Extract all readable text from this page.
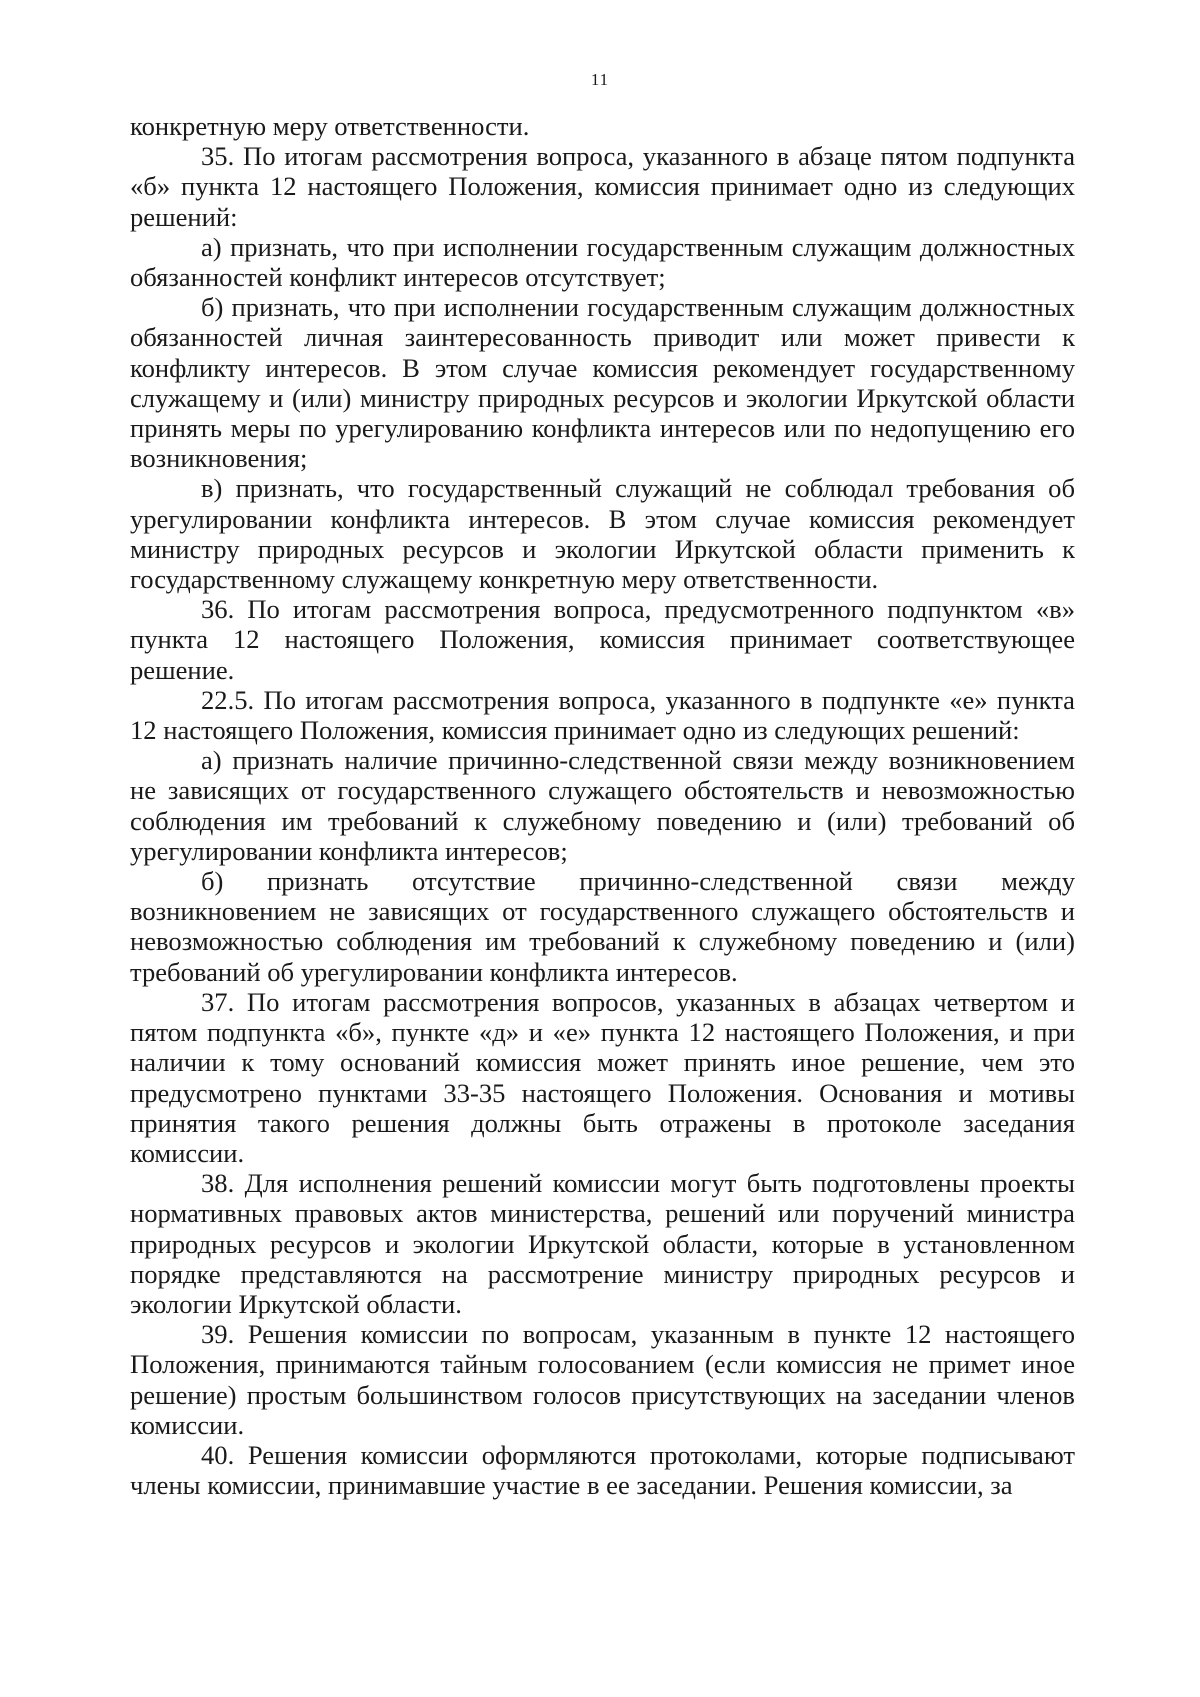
11

конкретную меру ответственности.

35. По итогам рассмотрения вопроса, указанного в абзаце пятом подпункта «б» пункта 12 настоящего Положения, комиссия принимает одно из следующих решений:

а) признать, что при исполнении государственным служащим должностных обязанностей конфликт интересов отсутствует;

б) признать, что при исполнении государственным служащим должностных обязанностей личная заинтересованность приводит или может привести к конфликту интересов. В этом случае комиссия рекомендует государственному служащему и (или) министру природных ресурсов и экологии Иркутской области принять меры по урегулированию конфликта интересов или по недопущению его возникновения;

в) признать, что государственный служащий не соблюдал требования об урегулировании конфликта интересов. В этом случае комиссия рекомендует министру природных ресурсов и экологии Иркутской области применить к государственному служащему конкретную меру ответственности.

36. По итогам рассмотрения вопроса, предусмотренного подпунктом «в» пункта 12 настоящего Положения, комиссия принимает соответствующее решение.

22.5. По итогам рассмотрения вопроса, указанного в подпункте «е» пункта 12 настоящего Положения, комиссия принимает одно из следующих решений:

а) признать наличие причинно-следственной связи между возникновением не зависящих от государственного служащего обстоятельств и невозможностью соблюдения им требований к служебному поведению и (или) требований об урегулировании конфликта интересов;

б) признать отсутствие причинно-следственной связи между возникновением не зависящих от государственного служащего обстоятельств и невозможностью соблюдения им требований к служебному поведению и (или) требований об урегулировании конфликта интересов.

37. По итогам рассмотрения вопросов, указанных в абзацах четвертом и пятом подпункта «б», пункте «д» и «е» пункта 12 настоящего Положения, и при наличии к тому оснований комиссия может принять иное решение, чем это предусмотрено пунктами 33-35 настоящего Положения. Основания и мотивы принятия такого решения должны быть отражены в протоколе заседания комиссии.

38. Для исполнения решений комиссии могут быть подготовлены проекты нормативных правовых актов министерства, решений или поручений министра природных ресурсов и экологии Иркутской области, которые в установленном порядке представляются на рассмотрение министру природных ресурсов и экологии Иркутской области.

39. Решения комиссии по вопросам, указанным в пункте 12 настоящего Положения, принимаются тайным голосованием (если комиссия не примет иное решение) простым большинством голосов присутствующих на заседании членов комиссии.

40. Решения комиссии оформляются протоколами, которые подписывают члены комиссии, принимавшие участие в ее заседании. Решения комиссии, за
